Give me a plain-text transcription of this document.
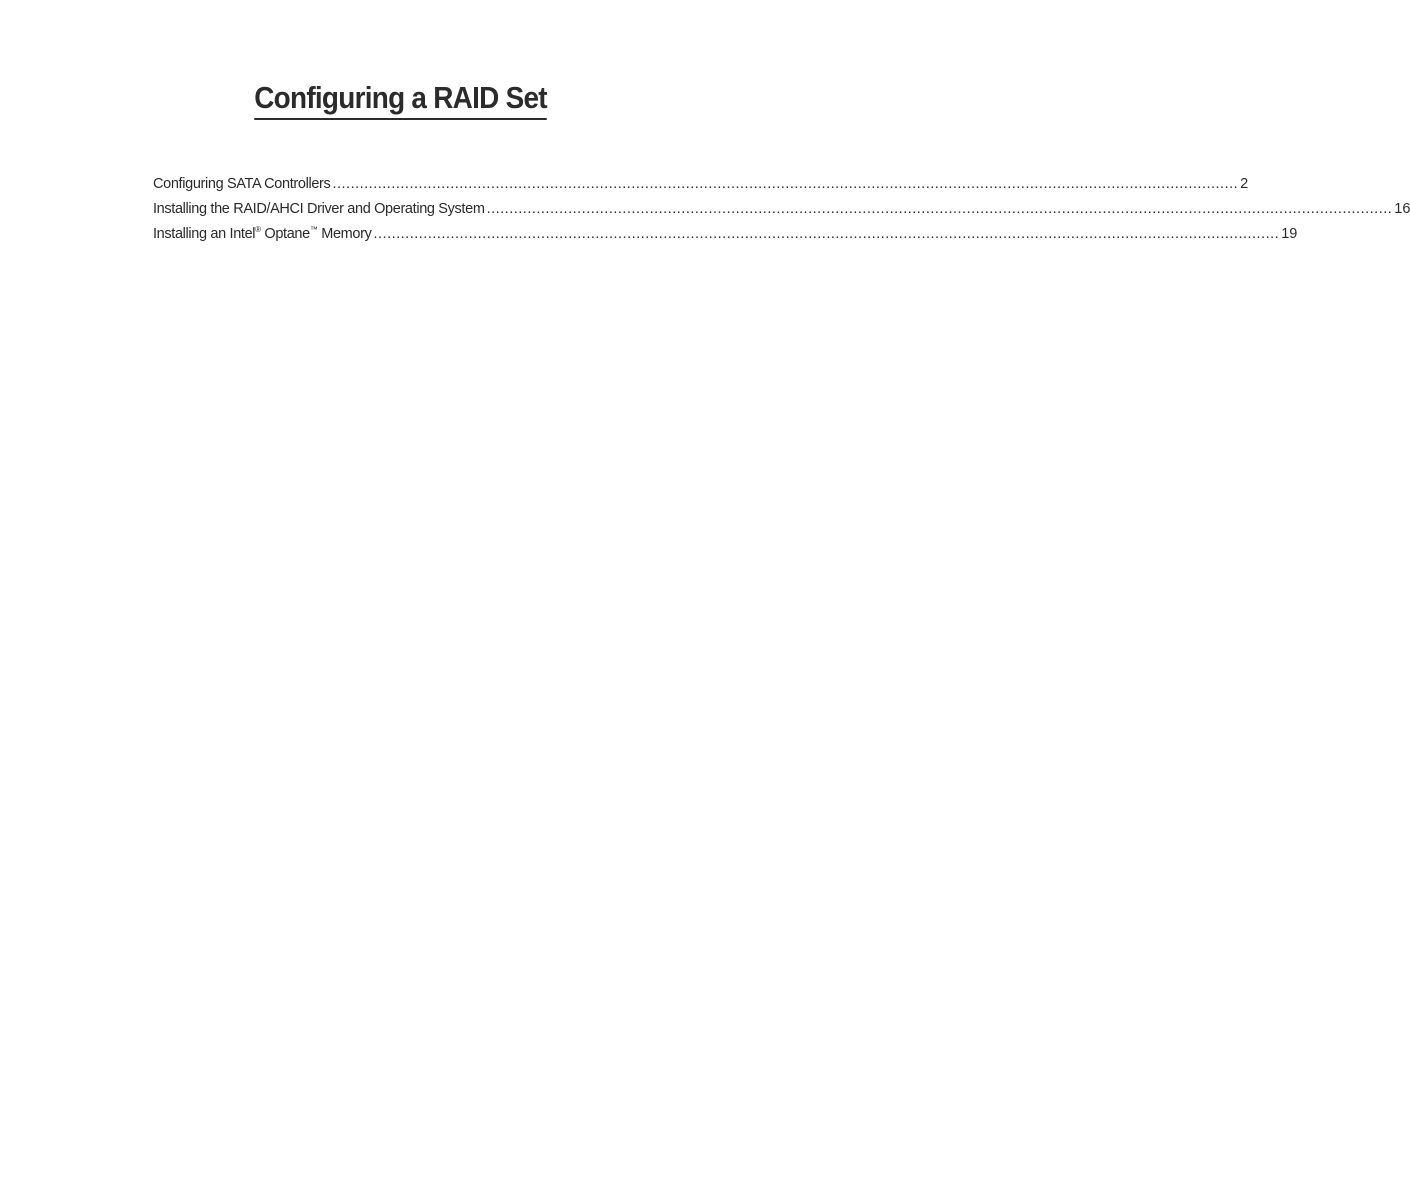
Configuring a RAID Set
Configuring SATA Controllers ........................................................................................................................................................................................................ 2
Installing the RAID/AHCI Driver and Operating System ........................................................................................................................................................................................................ 16
Installing an Intel® Optane™ Memory ........................................................................................................................................................................................................ 19
